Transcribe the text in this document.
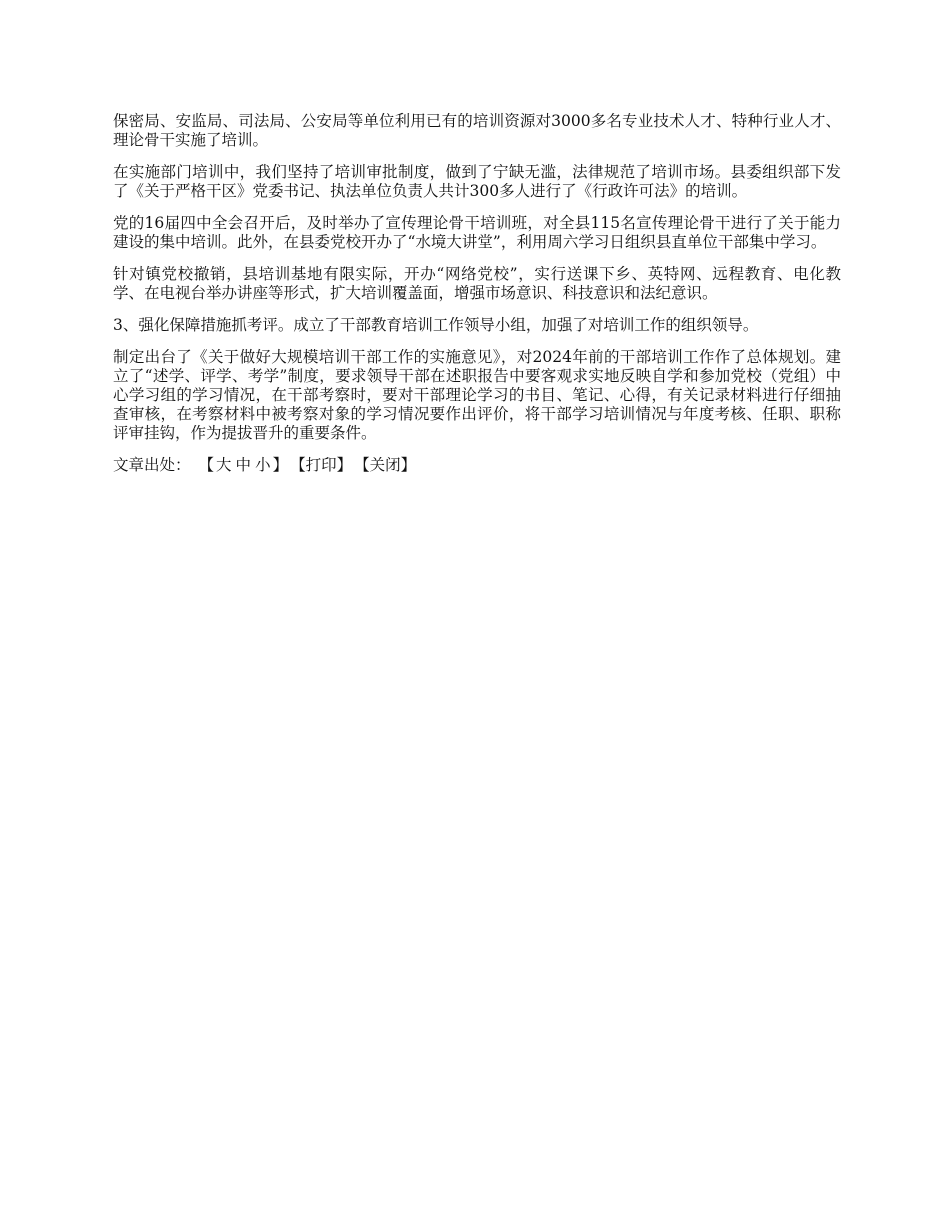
保密局、安监局、司法局、公安局等单位利用已有的培训资源对3000多名专业技术人才、特种行业人才、理论骨干实施了培训。

在实施部门培训中，我们坚持了培训审批制度，做到了宁缺无滥，法律规范了培训市场。县委组织部下发了《关于严格干区》党委书记、执法单位负责人共计300多人进行了《行政许可法》的培训。

党的16届四中全会召开后，及时举办了宣传理论骨干培训班，对全县115名宣传理论骨干进行了关于能力建设的集中培训。此外，在县委党校开办了“水境大讲堂”，利用周六学习日组织县直单位干部集中学习。

针对镇党校撤销，县培训基地有限实际，开办“网络党校”，实行送课下乡、英特网、远程教育、电化教学、在电视台举办讲座等形式，扩大培训覆盖面，增强市场意识、科技意识和法纪意识。

3、强化保障措施抓考评。成立了干部教育培训工作领导小组，加强了对培训工作的组织领导。

制定出台了《关于做好大规模培训干部工作的实施意见》，对2024年前的干部培训工作作了总体规划。建立了“述学、评学、考学”制度，要求领导干部在述职报告中要客观求实地反映自学和参加党校（党组）中心学习组的学习情况，在干部考察时，要对干部理论学习的书目、笔记、心得，有关记录材料进行仔细抽查审核，在考察材料中被考察对象的学习情况要作出评价，将干部学习培训情况与年度考核、任职、职称评审挂钩，作为提拔晋升的重要条件。

文章出处： 【 大 中 小 】 【打印】 【关闭】
